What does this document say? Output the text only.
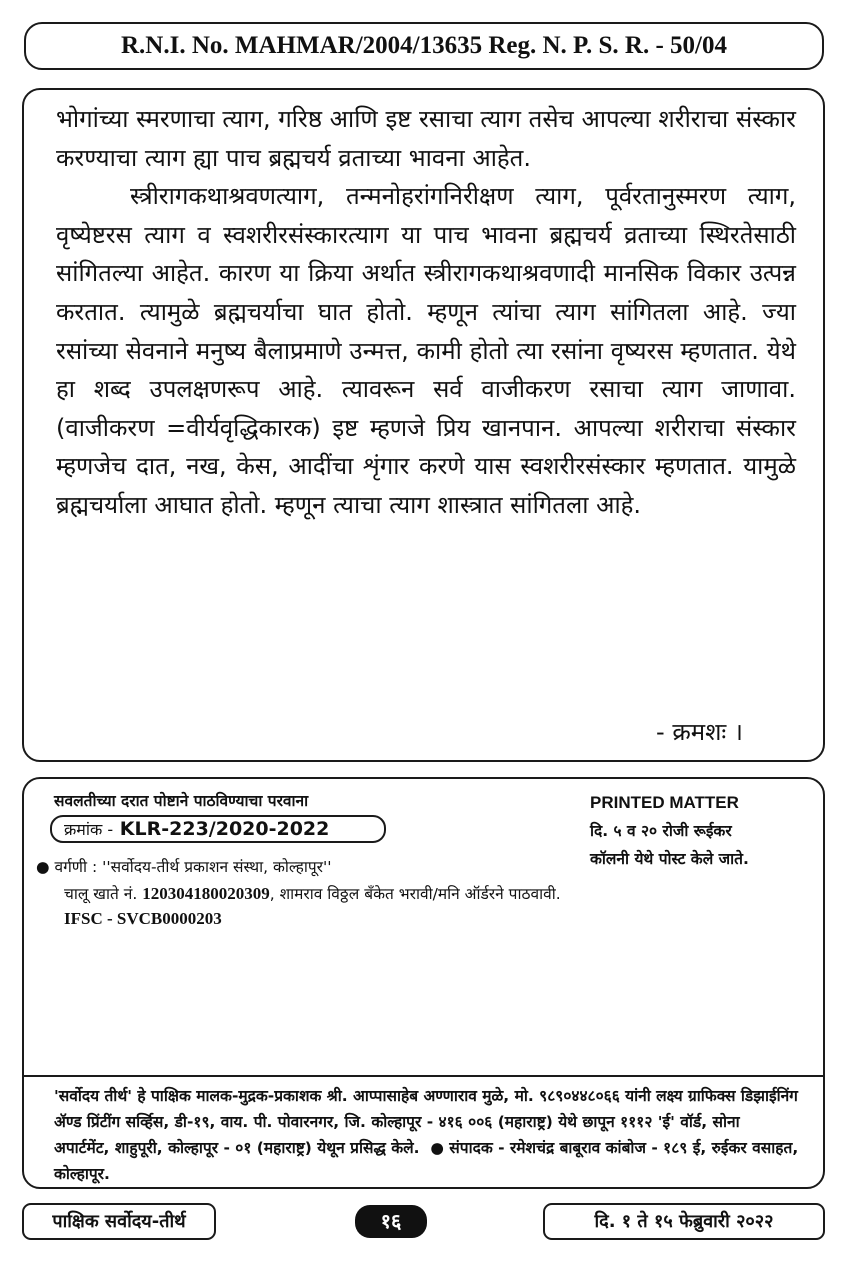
R.N.I. No. MAHMAR/2004/13635 Reg. N. P. S. R. - 50/04

भोगांच्या स्मरणाचा त्याग, गरिष्ठ आणि इष्ट रसाचा त्याग तसेच आपल्या शरीराचा संस्कार करण्याचा त्याग ह्या पाच ब्रह्मचर्य व्रताच्या भावना आहेत.

स्त्रीरागकथाश्रवणत्याग, तन्मनोहरांगनिरीक्षण त्याग, पूर्वरतानुस्मरण त्याग, वृष्येष्टरस त्याग व स्वशरीरसंस्कारत्याग या पाच भावना ब्रह्मचर्य व्रताच्या स्थिरतेसाठी सांगितल्या आहेत. कारण या क्रिया अर्थात स्त्रीरागकथाश्रवणादी मानसिक विकार उत्पन्न करतात. त्यामुळे ब्रह्मचर्याचा घात होतो. म्हणून त्यांचा त्याग सांगितला आहे. ज्या रसांच्या सेवनाने मनुष्य बैलाप्रमाणे उन्मत्त, कामी होतो त्या रसांना वृष्यरस म्हणतात. येथे हा शब्द उपलक्षणरूप आहे. त्यावरून सर्व वाजीकरण रसाचा त्याग जाणावा. (वाजीकरण =वीर्यवृद्धिकारक) इष्ट म्हणजे प्रिय खानपान. आपल्या शरीराचा संस्कार म्हणजेच दात, नख, केस, आदींचा शृंगार करणे यास स्वशरीरसंस्कार म्हणतात. यामुळे ब्रह्मचर्याला आघात होतो. म्हणून त्याचा त्याग शास्त्रात सांगितला आहे.

- क्रमशः ।
सवलतीच्या दरात पोष्टाने पाठविण्याचा परवाना
क्रमांक - KLR-223/2020-2022
PRINTED MATTER
दि. ५ व २० रोजी रूईकर
कॉलनी येथे पोस्ट केले जाते.
● वर्गणी : ''सर्वोदय-तीर्थ प्रकाशन संस्था, कोल्हापूर''
चालू खाते नं. 120304180020309, शामराव विठ्ठल बँकेत भरावी/मनि ऑर्डरने पाठवावी.
IFSC - SVCB0000203

'सर्वोदय तीर्थ' हे पाक्षिक मालक-मुद्रक-प्रकाशक श्री. आप्पासाहेब अण्णाराव मुळे, मो. ९८९०४४८०६६ यांनी लक्ष्य ग्राफिक्स डिझाईनिंग ॲण्ड प्रिंटींग सर्व्हिस, डी-१९, वाय. पी. पोवारनगर, जि. कोल्हापूर - ४१६ ००६ (महाराष्ट्र) येथे छापून १११२ 'ई' वॉर्ड, सोना अपार्टमेंट, शाहुपूरी, कोल्हापूर - ०१ (महाराष्ट्र) येथून प्रसिद्ध केले. ● संपादक - रमेशचंद्र बाबूराव कांबोज - १८९ ई, रुईकर वसाहत, कोल्हापूर.

पाक्षिक सर्वोदय-तीर्थ	१६	दि. १ ते १५ फेब्रुवारी २०२२
